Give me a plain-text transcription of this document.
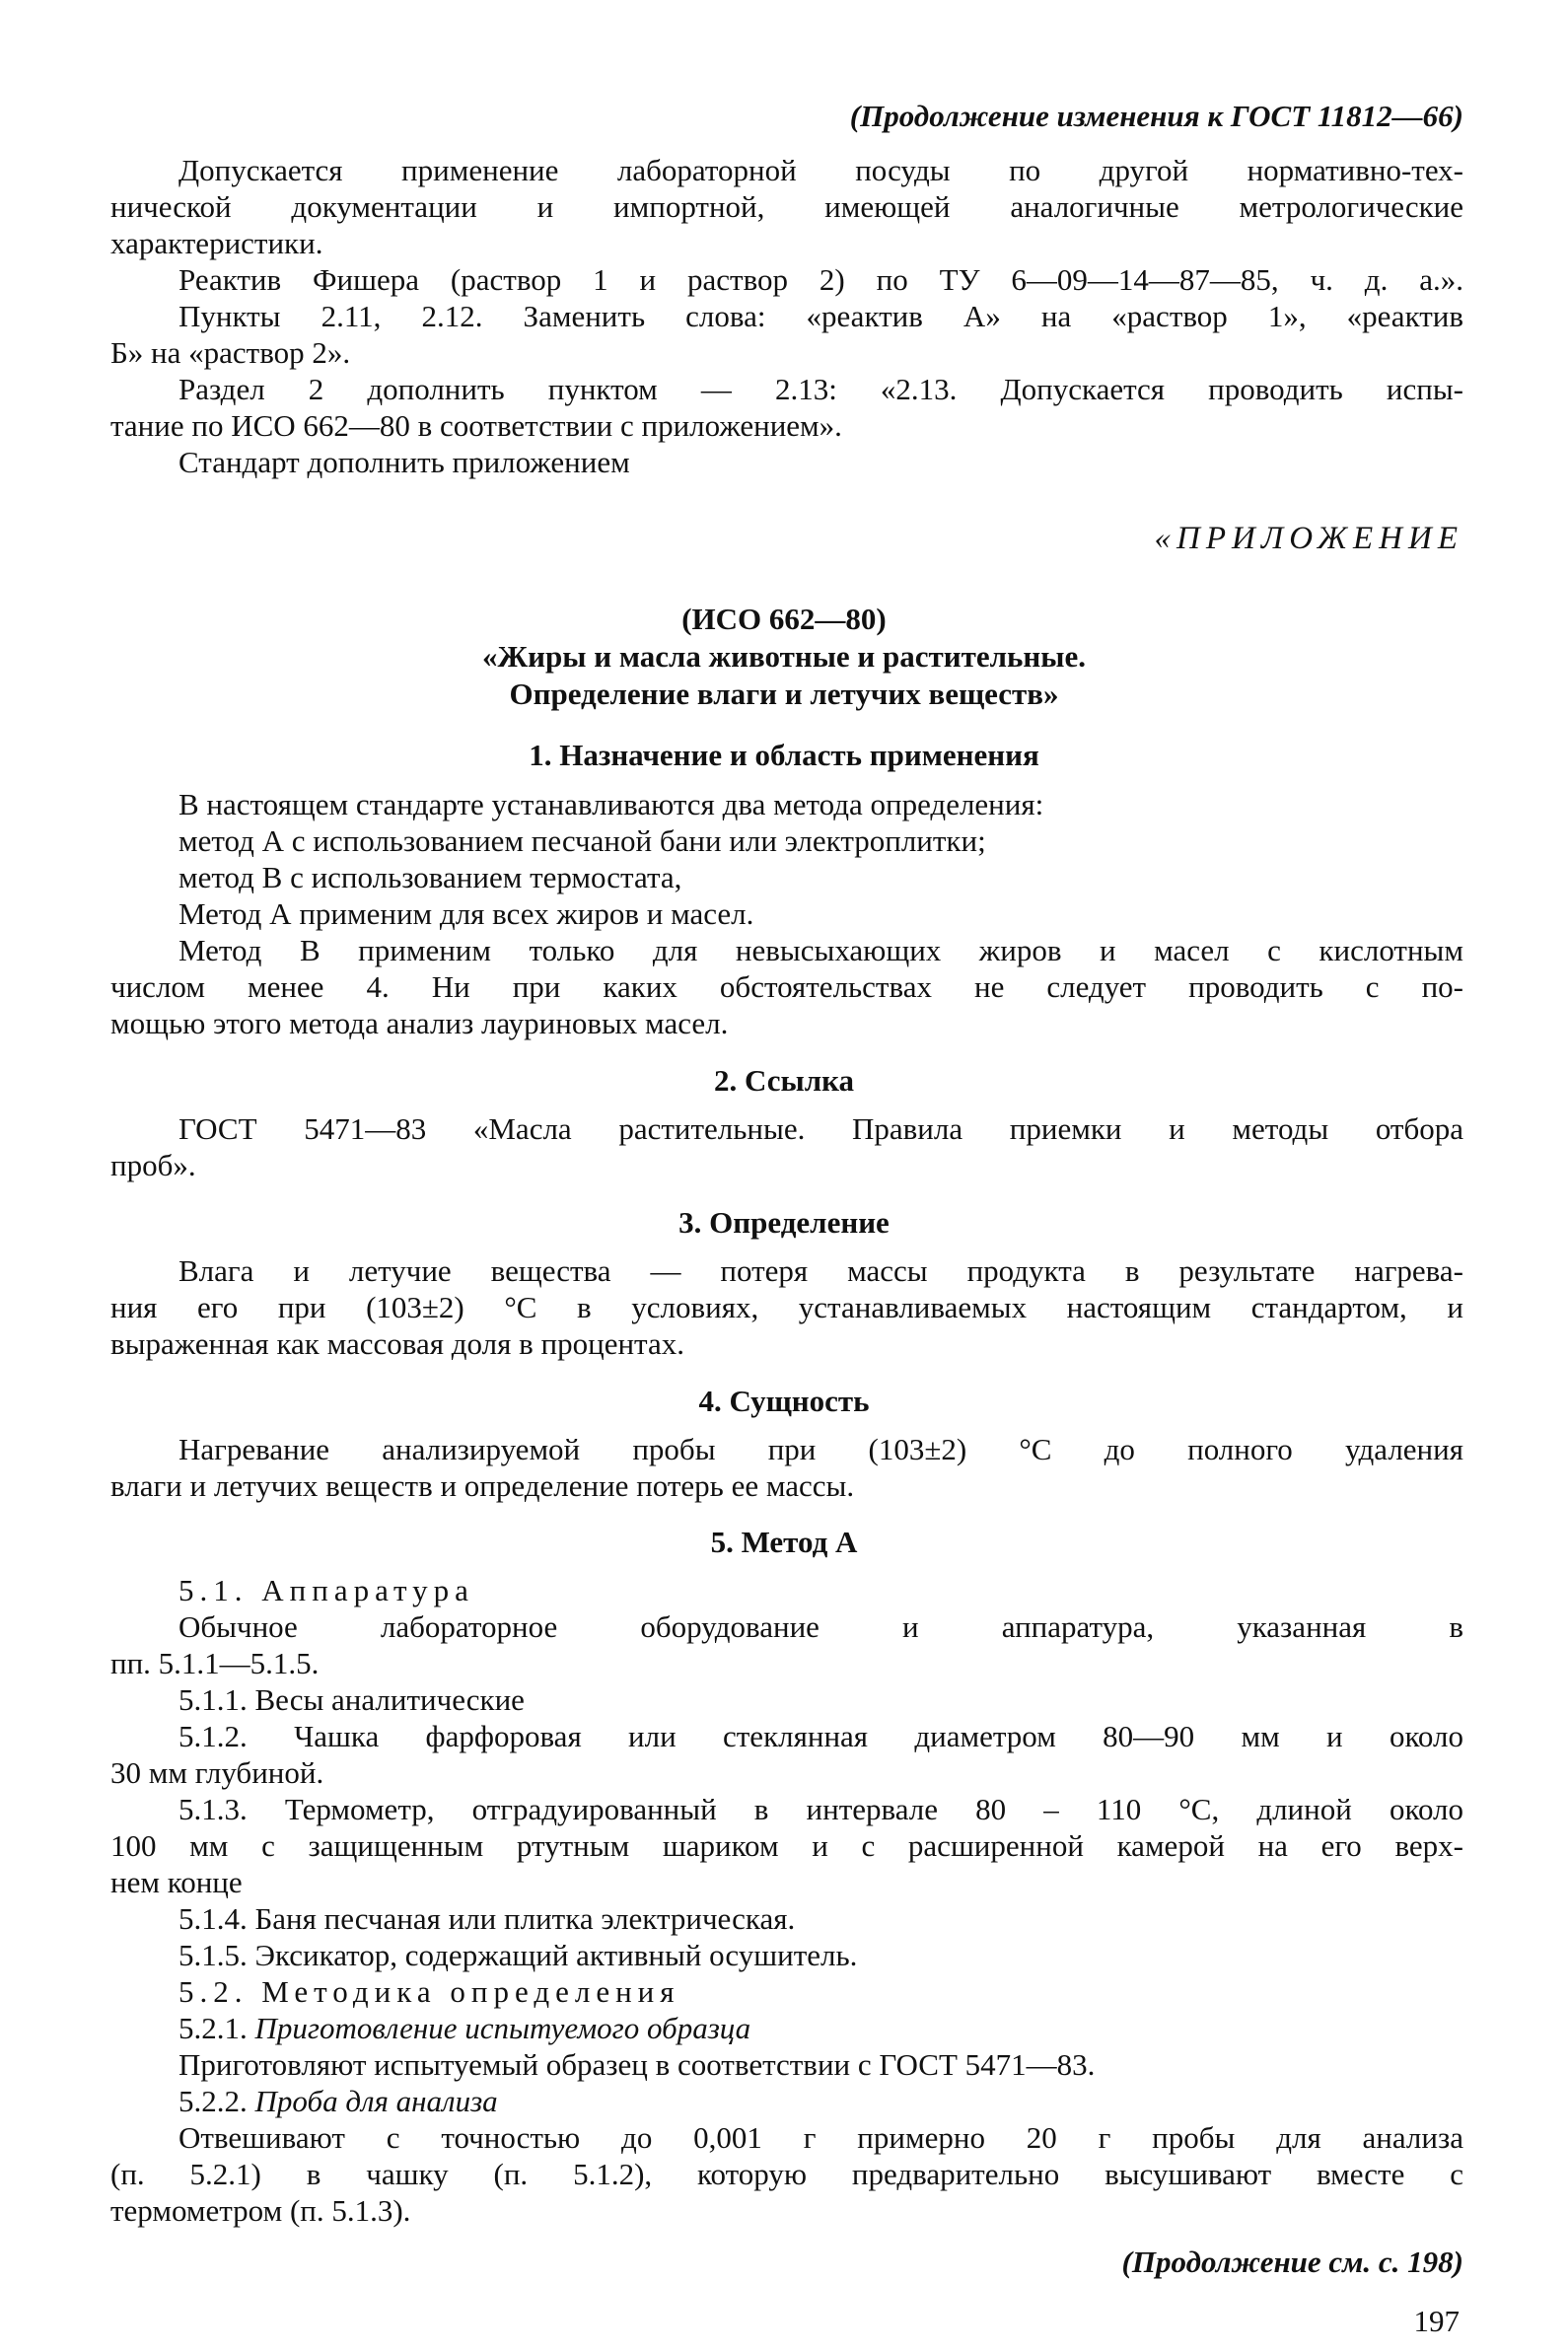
(Продолжение изменения к ГОСТ 11812—66)
Допускается применение лабораторной посуды по другой нормативно-тех-
нической документации и импортной, имеющей аналогичные метрологические
характеристики.
Реактив Фишера (раствор 1 и раствор 2) по ТУ 6—09—14—87—85, ч. д. а.».
Пункты 2.11, 2.12. Заменить слова: «реактив А» на «раствор 1», «реактив
Б» на «раствор 2».
Раздел 2 дополнить пунктом — 2.13: «2.13. Допускается проводить испы-
тание по ИСО 662—80 в соответствии с приложением».
Стандарт дополнить приложением
«ПРИЛОЖЕНИЕ
(ИСО 662—80)
«Жиры и масла животные и растительные.
Определение влаги и летучих веществ»
1. Назначение и область применения
В настоящем стандарте устанавливаются два метода определения:
метод А с использованием песчаной бани или электроплитки;
метод В с использованием термостата,
Метод А применим для всех жиров и масел.
Метод В применим только для невысыхающих жиров и масел с кислотным
числом менее 4. Ни при каких обстоятельствах не следует проводить с по-
мощью этого метода анализ лауриновых масел.
2. Ссылка
ГОСТ 5471—83 «Масла растительные. Правила приемки и методы отбора
проб».
3. Определение
Влага и летучие вещества — потеря массы продукта в результате нагрева-
ния его при (103±2) °С в условиях, устанавливаемых настоящим стандартом, и
выраженная как массовая доля в процентах.
4. Сущность
Нагревание анализируемой пробы при (103±2) °С до полного удаления
влаги и летучих веществ и определение потерь ее массы.
5. Метод А
5.1. Аппаратура
Обычное лабораторное оборудование и аппаратура, указанная в
пп. 5.1.1—5.1.5.
5.1.1. Весы аналитические
5.1.2. Чашка фарфоровая или стеклянная диаметром 80—90 мм и около
30 мм глубиной.
5.1.3. Термометр, отградуированный в интервале 80 – 110 °С, длиной около
100 мм с защищенным ртутным шариком и с расширенной камерой на его верх-
нем конце
5.1.4. Баня песчаная или плитка электрическая.
5.1.5. Эксикатор, содержащий активный осушитель.
5.2. Методика определения
5.2.1. Приготовление испытуемого образца
Приготовляют испытуемый образец в соответствии с ГОСТ 5471—83.
5.2.2. Проба для анализа
Отвешивают с точностью до 0,001 г примерно 20 г пробы для анализа
(п. 5.2.1) в чашку (п. 5.1.2), которую предварительно высушивают вместе с
термометром (п. 5.1.3).
(Продолжение см. с. 198)
197
